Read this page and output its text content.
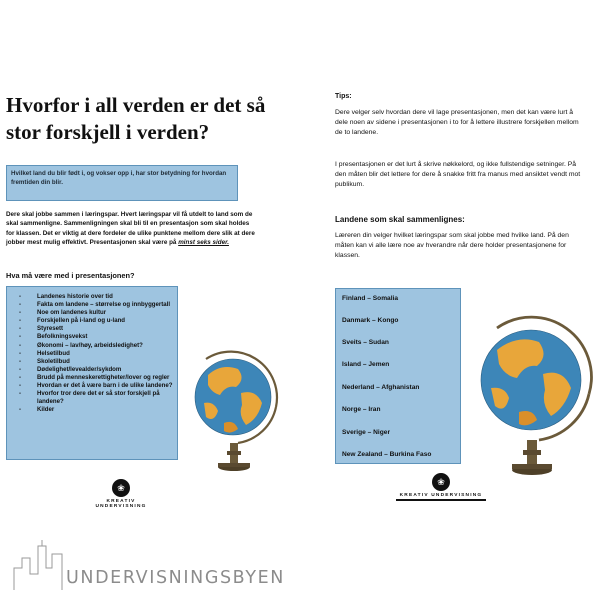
Hvorfor i all verden er det så stor forskjell i verden?
Hvilket land du blir født i, og vokser opp i, har stor betydning for hvordan fremtiden din blir.
Dere skal jobbe sammen i læringspar. Hvert læringspar vil få utdelt to land som de skal sammenligne. Sammenligningen skal bli til en presentasjon som skal holdes for klassen. Det er viktig at dere fordeler de ulike punktene mellom dere slik at dere jobber mest mulig effektivt. Presentasjonen skal være på minst seks sider.
Hva må være med i presentasjonen?
- Landenes historie over tid
- Fakta om landene – størrelse og innbyggertall
- Noe om landenes kultur
- Forskjellen på i-land og u-land
- Styresett
- Befolkningsvekst
- Økonomi – lav/høy, arbeidsledighet?
- Helsetilbud
- Skoletilbud
- Dødelighet/levealder/sykdom
- Brudd på menneskerettigheter/lover og regler
- Hvordan er det å være barn i de ulike landene?
- Hvorfor tror dere det er så stor forskjell på landene?
- Kilder
❀
KREATIV UNDERVISNING
Tips:
Dere velger selv hvordan dere vil lage presentasjonen, men det kan være lurt å dele noen av sidene i presentasjonen i to for å lettere illustrere forskjellen mellom de to landene.
I presentasjonen er det lurt å skrive nøkkelord, og ikke fullstendige setninger. På den måten blir det lettere for dere å snakke fritt fra manus med ansiktet vendt mot publikum.
Landene som skal sammenlignes:
Læreren din velger hvilket læringspar som skal jobbe med hvilke land. På den måten kan vi alle lære noe av hverandre når dere holder presentasjonene for klassen.
Finland – Somalia
Danmark – Kongo
Sveits – Sudan
Island – Jemen
Nederland – Afghanistan
Norge – Iran
Sverige – Niger
New Zealand – Burkina Faso
❀
KREATIV UNDERVISNING
UNDERVISNINGSBYEN
